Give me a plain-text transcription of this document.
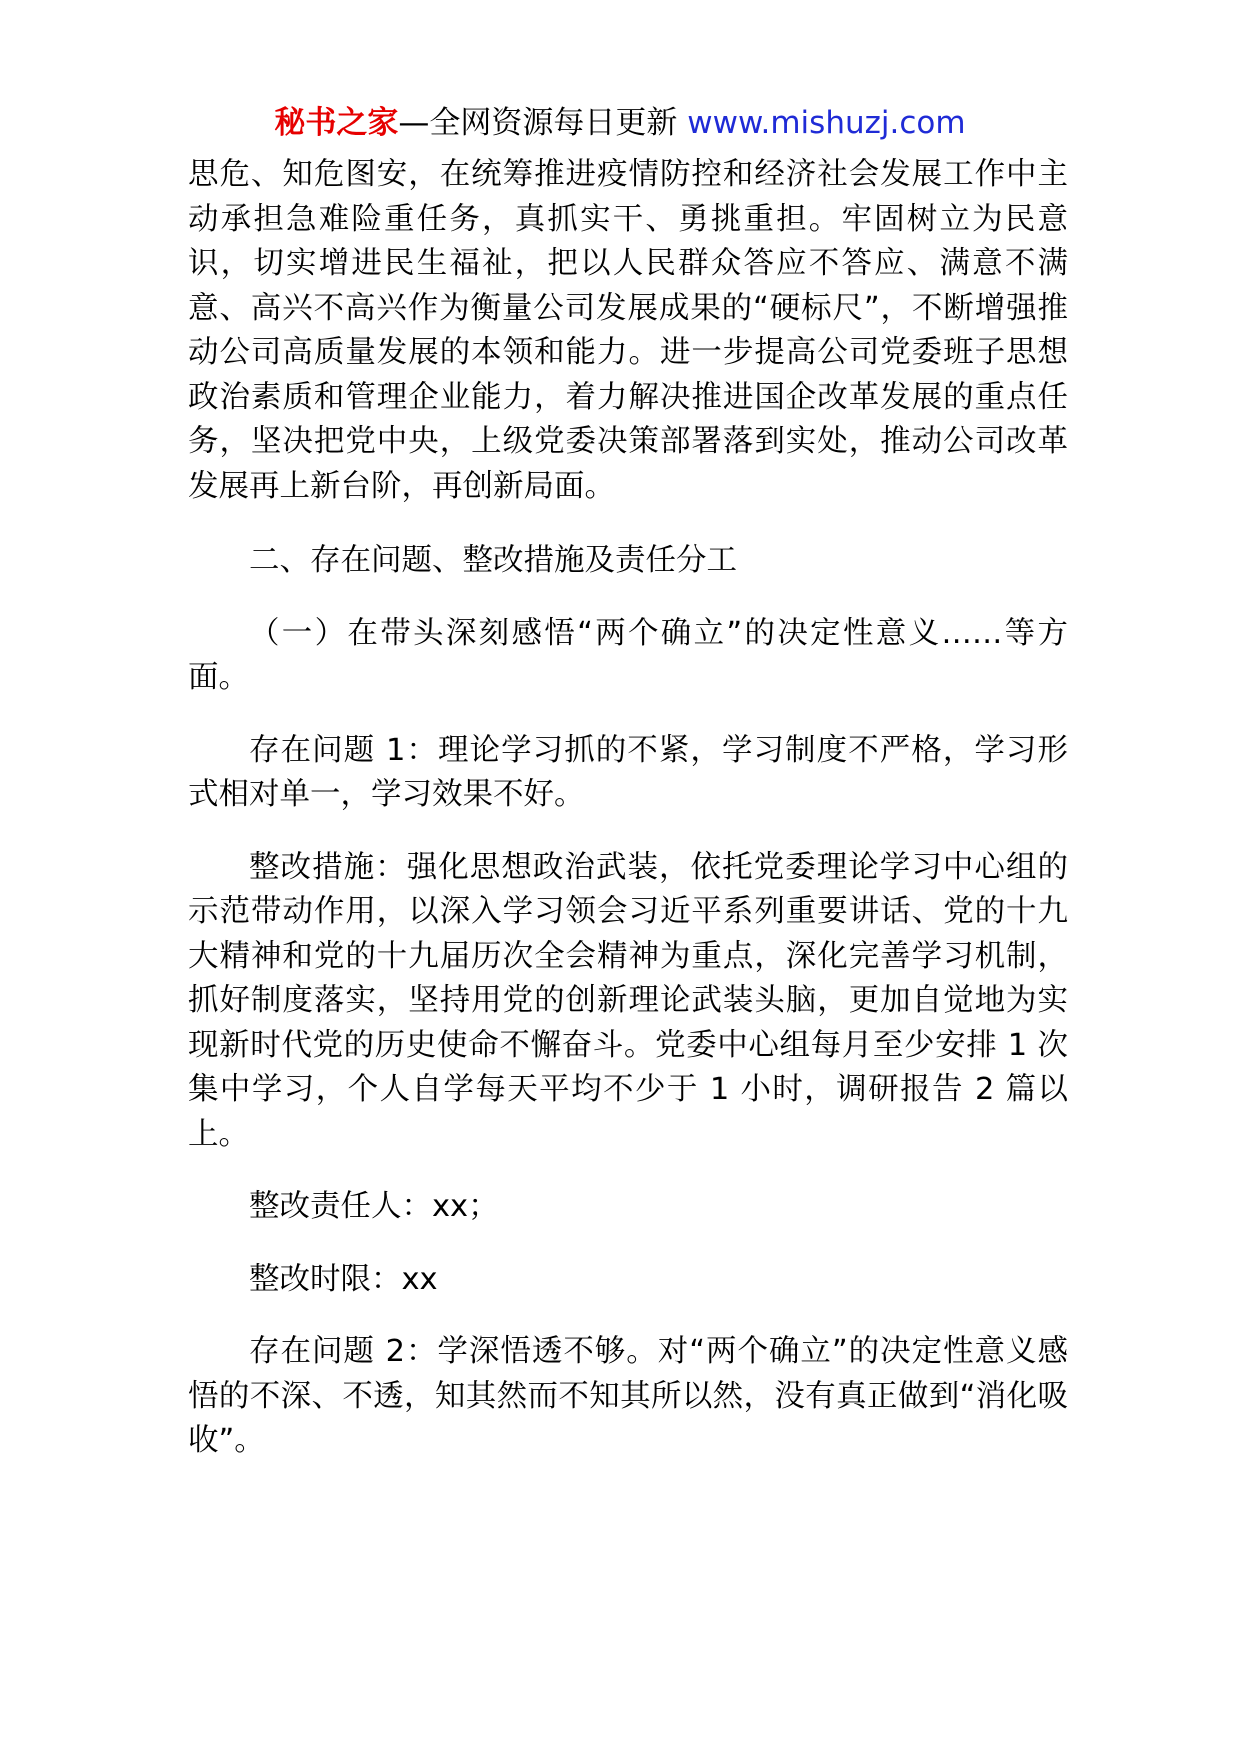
秘书之家—全网资源每日更新 www.mishuzj.com

思危、知危图安，在统筹推进疫情防控和经济社会发展工作中主动承担急难险重任务，真抓实干、勇挑重担。牢固树立为民意识，切实增进民生福祉，把以人民群众答应不答应、满意不满意、高兴不高兴作为衡量公司发展成果的“硬标尺”，不断增强推动公司高质量发展的本领和能力。进一步提高公司党委班子思想政治素质和管理企业能力，着力解决推进国企改革发展的重点任务，坚决把党中央，上级党委决策部署落到实处，推动公司改革发展再上新台阶，再创新局面。

二、存在问题、整改措施及责任分工

（一）在带头深刻感悟“两个确立”的决定性意义……等方面。

存在问题 1：理论学习抓的不紧，学习制度不严格，学习形式相对单一，学习效果不好。

整改措施：强化思想政治武装，依托党委理论学习中心组的示范带动作用，以深入学习领会习近平系列重要讲话、党的十九大精神和党的十九届历次全会精神为重点，深化完善学习机制，抓好制度落实，坚持用党的创新理论武装头脑，更加自觉地为实现新时代党的历史使命不懈奋斗。党委中心组每月至少安排 1 次集中学习，个人自学每天平均不少于 1 小时，调研报告 2 篇以上。

整改责任人：xx；

整改时限：xx

存在问题 2：学深悟透不够。对“两个确立”的决定性意义感悟的不深、不透，知其然而不知其所以然，没有真正做到“消化吸收”。
